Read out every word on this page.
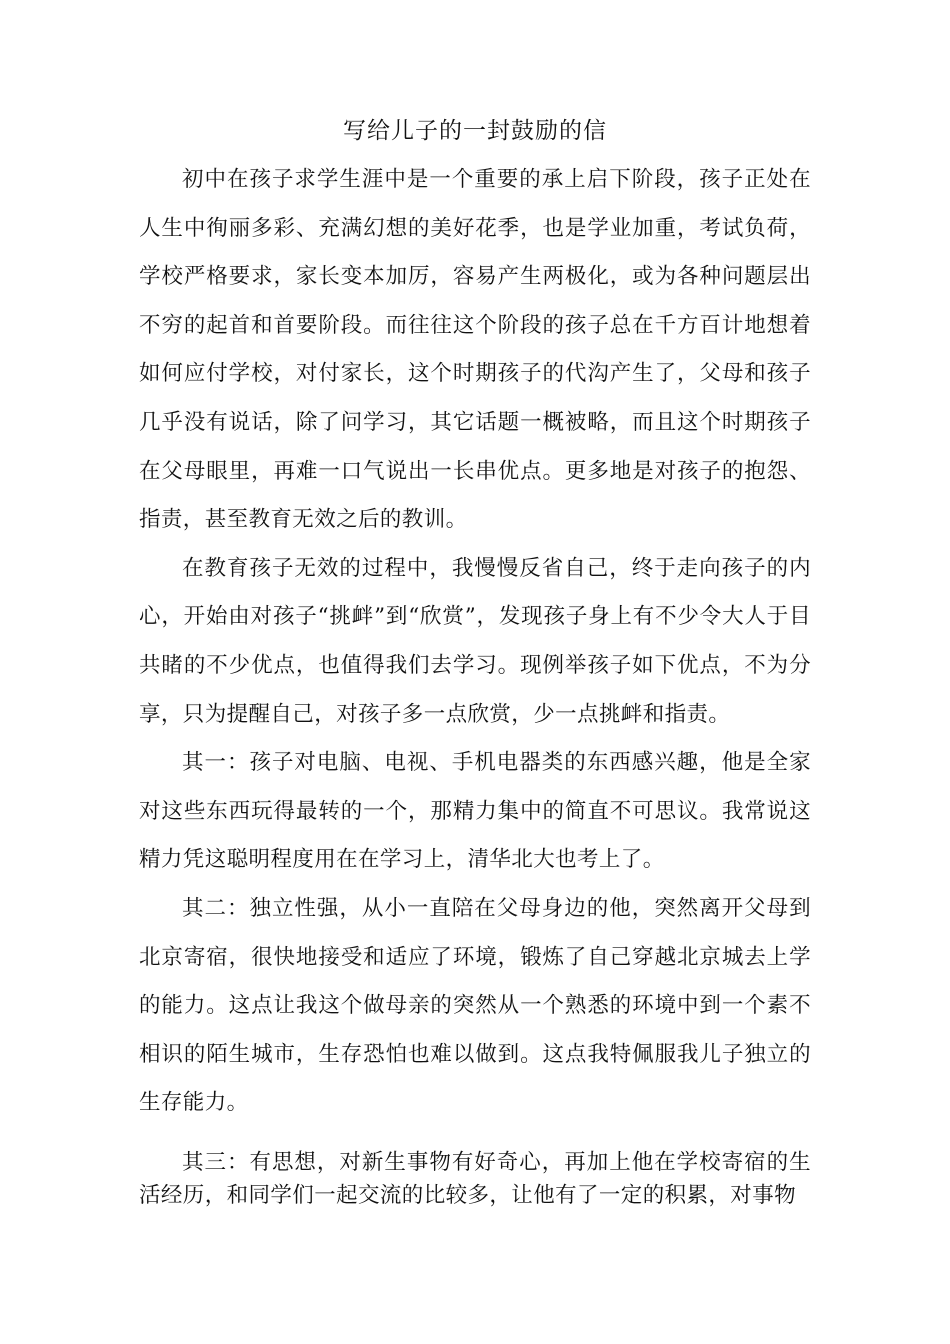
写给儿子的一封鼓励的信

初中在孩子求学生涯中是一个重要的承上启下阶段，孩子正处在人生中徇丽多彩、充满幻想的美好花季，也是学业加重，考试负荷，学校严格要求，家长变本加厉，容易产生两极化，或为各种问题层出不穷的起首和首要阶段。而往往这个阶段的孩子总在千方百计地想着如何应付学校，对付家长，这个时期孩子的代沟产生了，父母和孩子几乎没有说话，除了问学习，其它话题一概被略，而且这个时期孩子在父母眼里，再难一口气说出一长串优点。更多地是对孩子的抱怨、指责，甚至教育无效之后的教训。

在教育孩子无效的过程中，我慢慢反省自己，终于走向孩子的内心，开始由对孩子“挑衅”到“欣赏”，发现孩子身上有不少令大人于目共睹的不少优点，也值得我们去学习。现例举孩子如下优点，不为分享，只为提醒自己，对孩子多一点欣赏，少一点挑衅和指责。

其一：孩子对电脑、电视、手机电器类的东西感兴趣，他是全家对这些东西玩得最转的一个，那精力集中的简直不可思议。我常说这精力凭这聪明程度用在在学习上，清华北大也考上了。

其二：独立性强，从小一直陪在父母身边的他，突然离开父母到北京寄宿，很快地接受和适应了环境，锻炼了自己穿越北京城去上学的能力。这点让我这个做母亲的突然从一个熟悉的环境中到一个素不相识的陌生城市，生存恐怕也难以做到。这点我特佩服我儿子独立的生存能力。

其三：有思想，对新生事物有好奇心，再加上他在学校寄宿的生活经历，和同学们一起交流的比较多，让他有了一定的积累，对事物
